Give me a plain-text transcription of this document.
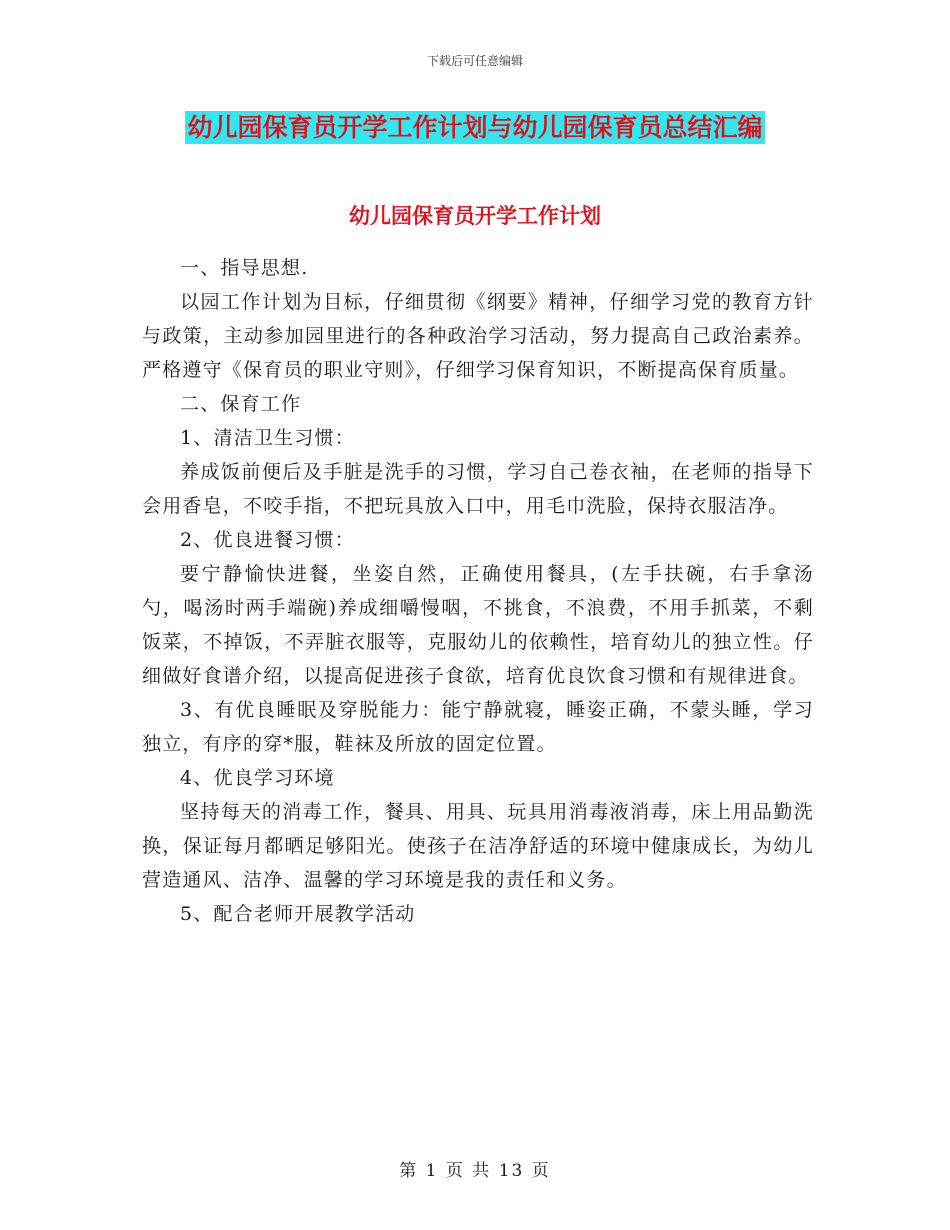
下载后可任意编辑
幼儿园保育员开学工作计划与幼儿园保育员总结汇编
幼儿园保育员开学工作计划

一、指导思想.

以园工作计划为目标，仔细贯彻《纲要》精神，仔细学习党的教育方针与政策，主动参加园里进行的各种政治学习活动，努力提高自己政治素养。严格遵守《保育员的职业守则》，仔细学习保育知识，不断提高保育质量。

二、保育工作

1、清洁卫生习惯：

养成饭前便后及手脏是洗手的习惯，学习自己卷衣袖，在老师的指导下会用香皂，不咬手指，不把玩具放入口中，用毛巾洗脸，保持衣服洁净。

2、优良进餐习惯：

要宁静愉快进餐，坐姿自然，正确使用餐具，(左手扶碗，右手拿汤勺，喝汤时两手端碗)养成细嚼慢咽，不挑食，不浪费，不用手抓菜，不剩饭菜，不掉饭，不弄脏衣服等，克服幼儿的依赖性，培育幼儿的独立性。仔细做好食谱介绍，以提高促进孩子食欲，培育优良饮食习惯和有规律进食。

3、有优良睡眠及穿脱能力：能宁静就寝，睡姿正确，不蒙头睡，学习独立，有序的穿*服，鞋袜及所放的固定位置。

4、优良学习环境

坚持每天的消毒工作，餐具、用具、玩具用消毒液消毒，床上用品勤洗换，保证每月都晒足够阳光。使孩子在洁净舒适的环境中健康成长，为幼儿营造通风、洁净、温馨的学习环境是我的责任和义务。

5、配合老师开展教学活动

第 1 页 共 13 页
